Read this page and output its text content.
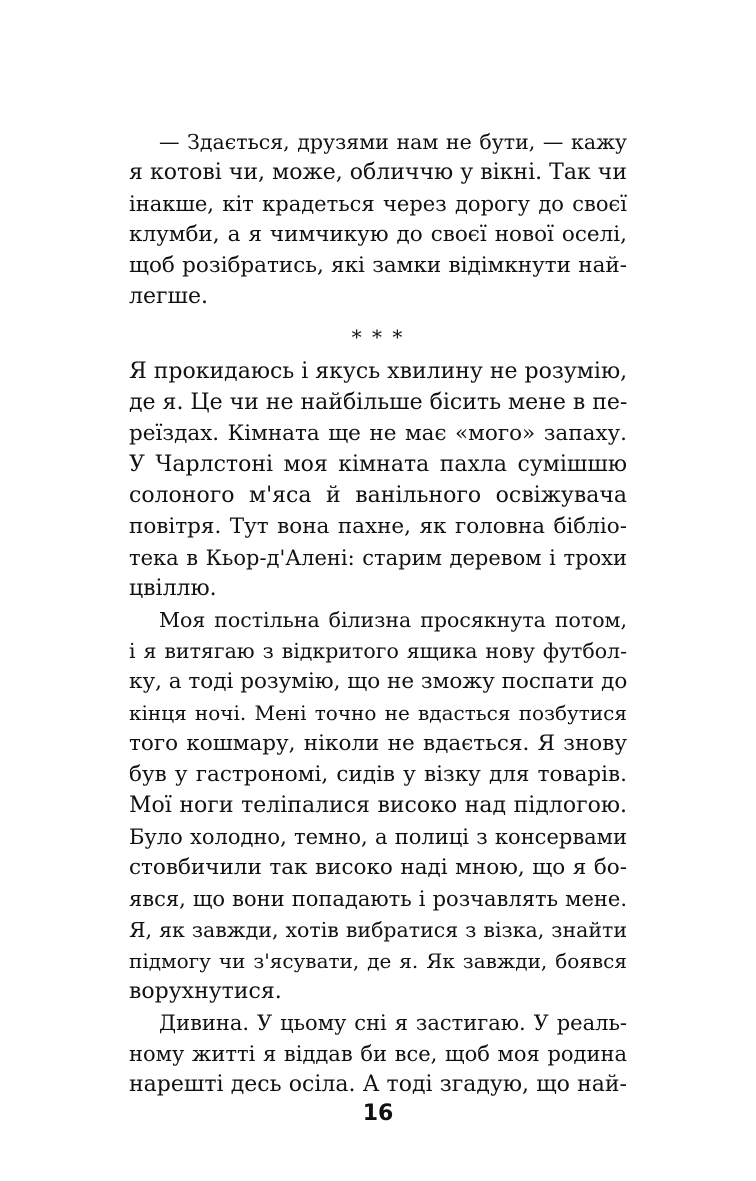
— Здається, друзями нам не бути, — кажу
я котові чи, може, обличчю у вікні. Так чи
інакше, кіт крадеться через дорогу до своєї
клумби, а я чимчикую до своєї нової оселі,
щоб розібратись, які замки відімкнути най-
легше.
* * *
Я прокидаюсь і якусь хвилину не розумію,
де я. Це чи не найбільше бісить мене в пе-
реїздах. Кімната ще не має «мого» запаху.
У Чарлстоні моя кімната пахла сумішшю
солоного м'яса й ванільного освіжувача
повітря. Тут вона пахне, як головна бібліо-
тека в Кьор-д'Алені: старим деревом і трохи
цвіллю.
Моя постільна білизна просякнута потом,
і я витягаю з відкритого ящика нову футбол-
ку, а тоді розумію, що не зможу поспати до
кінця ночі. Мені точно не вдасться позбутися
того кошмару, ніколи не вдається. Я знову
був у гастрономі, сидів у візку для товарів.
Мої ноги теліпалися високо над підлогою.
Було холодно, темно, а полиці з консервами
стовбичили так високо наді мною, що я бо-
явся, що вони попадають і розчавлять мене.
Я, як завжди, хотів вибратися з візка, знайти
підмогу чи з'ясувати, де я. Як завжди, боявся
ворухнутися.
Дивина. У цьому сні я застигаю. У реаль-
ному житті я віддав би все, щоб моя родина
нарешті десь осіла. А тоді згадую, що най-
16
